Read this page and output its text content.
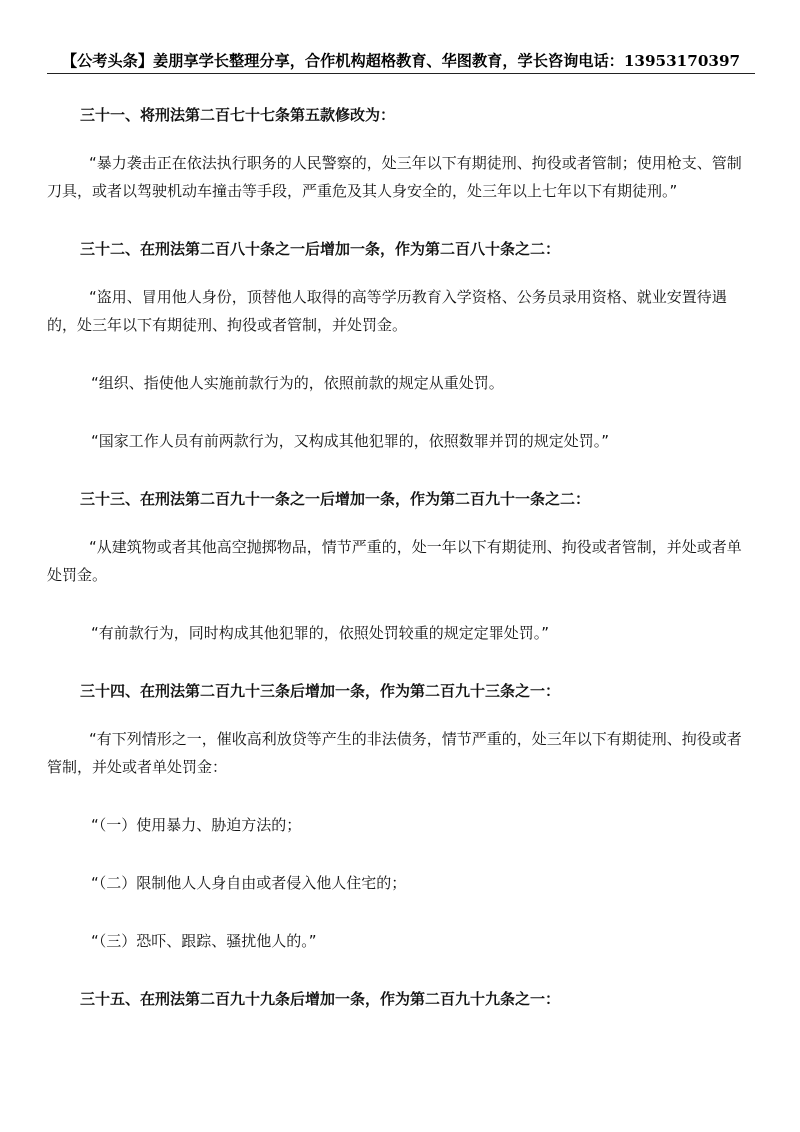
【公考头条】姜朋享学长整理分享，合作机构超格教育、华图教育，学长咨询电话：13953170397

三十一、将刑法第二百七十七条第五款修改为：

“暴力袭击正在依法执行职务的人民警察的，处三年以下有期徒刑、拘役或者管制；使用枪支、管制刀具，或者以驾驶机动车撞击等手段，严重危及其人身安全的，处三年以上七年以下有期徒刑。”

三十二、在刑法第二百八十条之一后增加一条，作为第二百八十条之二：

“盗用、冒用他人身份，顶替他人取得的高等学历教育入学资格、公务员录用资格、就业安置待遇的，处三年以下有期徒刑、拘役或者管制，并处罚金。

“组织、指使他人实施前款行为的，依照前款的规定从重处罚。

“国家工作人员有前两款行为，又构成其他犯罪的，依照数罪并罚的规定处罚。”

三十三、在刑法第二百九十一条之一后增加一条，作为第二百九十一条之二：

“从建筑物或者其他高空抛掷物品，情节严重的，处一年以下有期徒刑、拘役或者管制，并处或者单处罚金。

“有前款行为，同时构成其他犯罪的，依照处罚较重的规定定罪处罚。”

三十四、在刑法第二百九十三条后增加一条，作为第二百九十三条之一：

“有下列情形之一，催收高利放贷等产生的非法债务，情节严重的，处三年以下有期徒刑、拘役或者管制，并处或者单处罚金：

“（一）使用暴力、胁迫方法的；

“（二）限制他人人身自由或者侵入他人住宅的；

“（三）恐吓、跟踪、骚扰他人的。”

三十五、在刑法第二百九十九条后增加一条，作为第二百九十九条之一：
